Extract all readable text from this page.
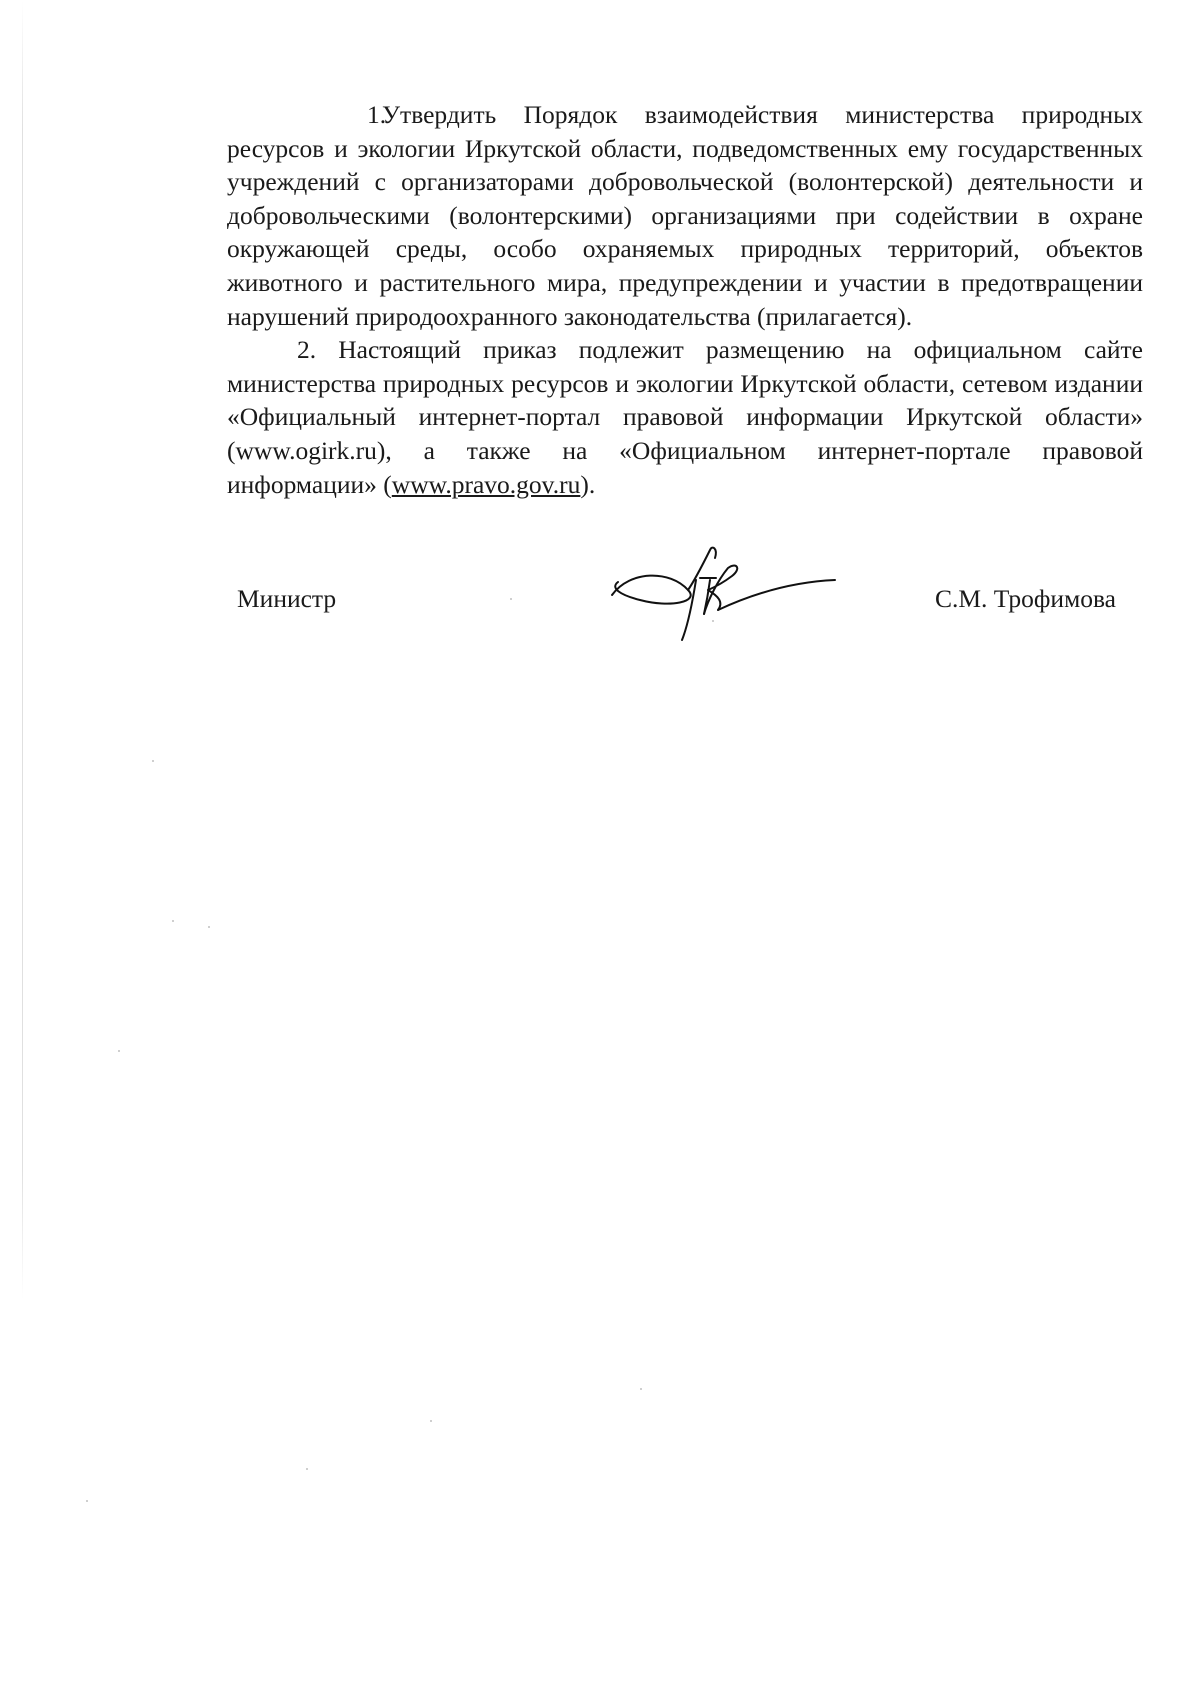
1.Утвердить Порядок взаимодействия министерства природных ресурсов и экологии Иркутской области, подведомственных ему государственных учреждений с организаторами добровольческой (волонтерской) деятельности и добровольческими (волонтерскими) организациями при содействии в охране окружающей среды, особо охраняемых природных территорий, объектов животного и растительного мира, предупреждении и участии в предотвращении нарушений природоохранного законодательства (прилагается).

2. Настоящий приказ подлежит размещению на официальном сайте министерства природных ресурсов и экологии Иркутской области, сетевом издании «Официальный интернет-портал правовой информации Иркутской области» (www.ogirk.ru), а также на «Официальном интернет-портале правовой информации» (www.pravo.gov.ru).

Министр	С.М. Трофимова
